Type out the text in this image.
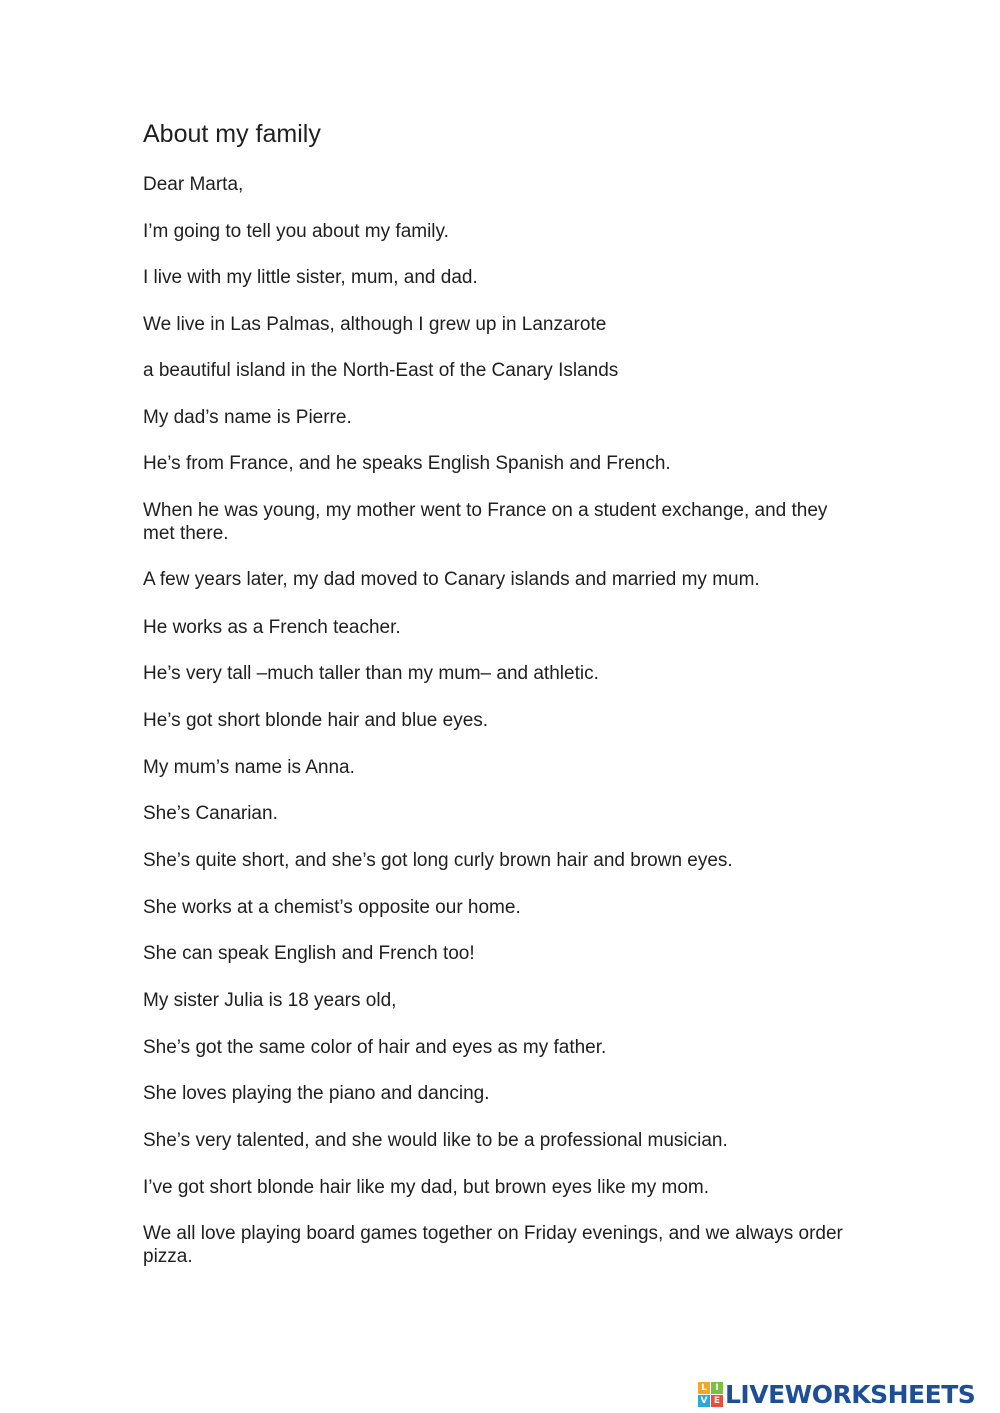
About my family

Dear Marta,

I’m going to tell you about my family.

I live with my little sister, mum, and dad.

We live in Las Palmas, although I grew up in Lanzarote

a beautiful island in the North-East of the Canary Islands

My dad’s name is Pierre.

He’s from France, and he speaks English Spanish and French.

When he was young, my mother went to France on a student exchange, and they met there.

A few years later, my dad moved to Canary islands and married my mum.

He works as a French teacher.

He’s very tall –much taller than my mum– and athletic.

He’s got short blonde hair and blue eyes.

My mum’s name is Anna.

She’s Canarian.

She’s quite short, and she’s got long curly brown hair and brown eyes.

She works at a chemist’s opposite our home.

She can speak English and French too!

My sister Julia is 18 years old,

She’s got the same color of hair and eyes as my father.

She loves playing the piano and dancing.

She’s very talented, and she would like to be a professional musician.

I’ve got short blonde hair like my dad, but brown eyes like my mom.

We all love playing board games together on Friday evenings, and we always order pizza.

L I
V E LIVEWORKSHEETS
